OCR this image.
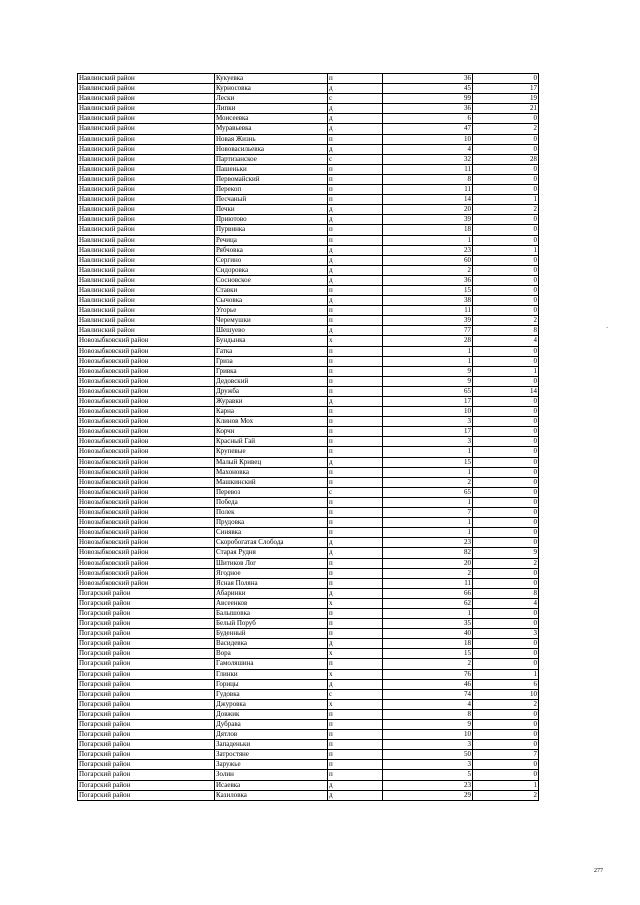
Навлинский район	Кукуевка	п	36	0
Навлинский район	Курносовка	д	45	17
Навлинский район	Лески	с	99	19
Навлинский район	Липки	д	36	21
Навлинский район	Моисеевка	д	6	0
Навлинский район	Муравьевка	д	47	2
Навлинский район	Новая Жизнь	п	10	0
Навлинский район	Нововасильевка	д	4	0
Навлинский район	Партизанское	с	32	28
Навлинский район	Пашеньки	п	11	0
Навлинский район	Первомайский	п	8	0
Навлинский район	Перекоп	п	11	0
Навлинский район	Песчаный	п	14	1
Навлинский район	Печки	д	20	2
Навлинский район	Приютово	д	39	0
Навлинский район	Пурвинка	п	18	0
Навлинский район	Речица	п	1	0
Навлинский район	Рябчовка	д	23	1
Навлинский район	Сергино	д	60	0
Навлинский район	Сидоровка	д	2	0
Навлинский район	Сосновское	д	36	0
Навлинский район	Ставки	п	15	0
Навлинский район	Сычовка	д	38	0
Навлинский район	Угорье	п	11	0
Навлинский район	Черемушки	п	39	2
Навлинский район	Шешуево	д	77	8
Новозыбковский район	Бундынка	х	28	4
Новозыбковский район	Гатка	п	1	0
Новозыбковский район	Гриза	п	1	0
Новозыбковский район	Гривка	п	9	1
Новозыбковский район	Дедовский	п	9	0
Новозыбковский район	Дружба	п	65	14
Новозыбковский район	Журавки	д	17	0
Новозыбковский район	Карна	п	10	0
Новозыбковский район	Клинов Мох	п	3	0
Новозыбковский район	Корчи	п	17	0
Новозыбковский район	Красный Гай	п	3	0
Новозыбковский район	Крупевые	п	1	0
Новозыбковский район	Малый Кривец	д	15	0
Новозыбковский район	Махоновка	п	1	0
Новозыбковский район	Машкинский	п	2	0
Новозыбковский район	Перевоз	с	65	0
Новозыбковский район	Победа	п	1	0
Новозыбковский район	Полек	п	7	0
Новозыбковский район	Прудовка	п	1	0
Новозыбковский район	Синявка	п	1	0
Новозыбковский район	Скоробогатая Слобода	д	23	0
Новозыбковский район	Старая Рудня	д	82	9
Новозыбковский район	Шитиков Лог	п	20	2
Новозыбковский район	Ягодное	п	2	0
Новозыбковский район	Ясная Поляна	п	11	0
Погарский район	Абаринки	д	66	8
Погарский район	Авсеенков	х	62	4
Погарский район	Балышовка	п	1	0
Погарский район	Белый Поруб	п	35	0
Погарский район	Буденный	п	40	3
Погарский район	Васидевка	д	18	0
Погарский район	Вора	х	15	0
Погарский район	Гамоляшина	п	2	0
Погарский район	Глинки	х	76	1
Погарский район	Горицы	д	46	6
Погарский район	Гудовка	с	74	10
Погарский район	Джуровка	х	4	2
Погарский район	Довжик	п	8	0
Погарский район	Дубрава	п	9	0
Погарский район	Дятлов	п	10	0
Погарский район	Западеньки	п	3	0
Погарский район	Затростяне	п	50	7
Погарский район	Заружье	п	3	0
Погарский район	Золин	п	5	0
Погарский район	Исаевка	д	23	1
Погарский район	Казиловка	д	29	2
`
277
